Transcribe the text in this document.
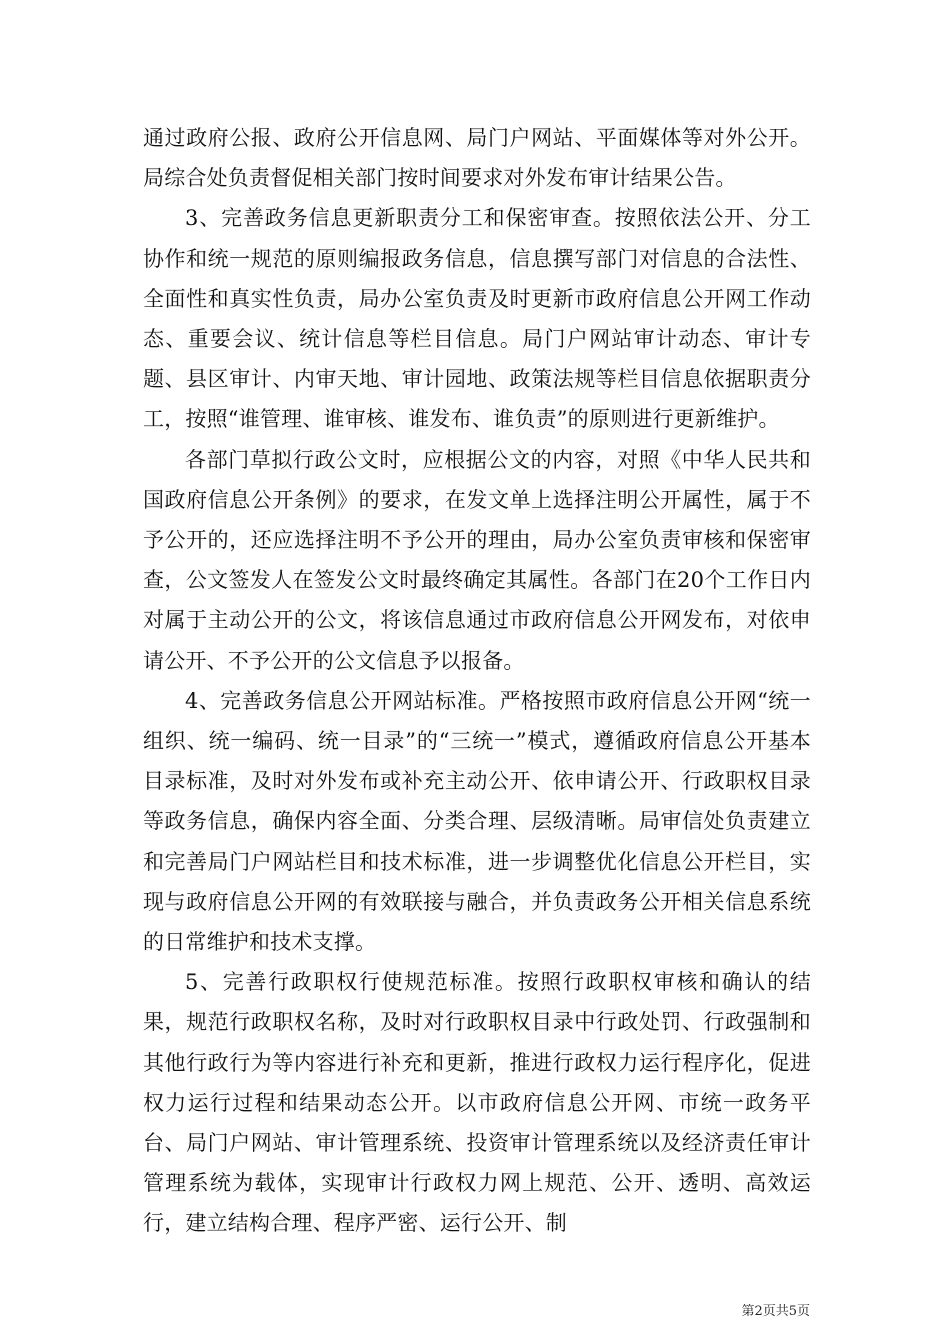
通过政府公报、政府公开信息网、局门户网站、平面媒体等对外公开。局综合处负责督促相关部门按时间要求对外发布审计结果公告。

3、完善政务信息更新职责分工和保密审查。按照依法公开、分工协作和统一规范的原则编报政务信息，信息撰写部门对信息的合法性、全面性和真实性负责，局办公室负责及时更新市政府信息公开网工作动态、重要会议、统计信息等栏目信息。局门户网站审计动态、审计专题、县区审计、内审天地、审计园地、政策法规等栏目信息依据职责分工，按照“谁管理、谁审核、谁发布、谁负责”的原则进行更新维护。

各部门草拟行政公文时，应根据公文的内容，对照《中华人民共和国政府信息公开条例》的要求，在发文单上选择注明公开属性，属于不予公开的，还应选择注明不予公开的理由，局办公室负责审核和保密审查，公文签发人在签发公文时最终确定其属性。各部门在20个工作日内对属于主动公开的公文，将该信息通过市政府信息公开网发布，对依申请公开、不予公开的公文信息予以报备。

4、完善政务信息公开网站标准。严格按照市政府信息公开网“统一组织、统一编码、统一目录”的“三统一”模式，遵循政府信息公开基本目录标准，及时对外发布或补充主动公开、依申请公开、行政职权目录等政务信息，确保内容全面、分类合理、层级清晰。局审信处负责建立和完善局门户网站栏目和技术标准，进一步调整优化信息公开栏目，实现与政府信息公开网的有效联接与融合，并负责政务公开相关信息系统的日常维护和技术支撑。

5、完善行政职权行使规范标准。按照行政职权审核和确认的结果，规范行政职权名称，及时对行政职权目录中行政处罚、行政强制和其他行政行为等内容进行补充和更新，推进行政权力运行程序化，促进权力运行过程和结果动态公开。以市政府信息公开网、市统一政务平台、局门户网站、审计管理系统、投资审计管理系统以及经济责任审计管理系统为载体，实现审计行政权力网上规范、公开、透明、高效运行，建立结构合理、程序严密、运行公开、制

第2页共5页
